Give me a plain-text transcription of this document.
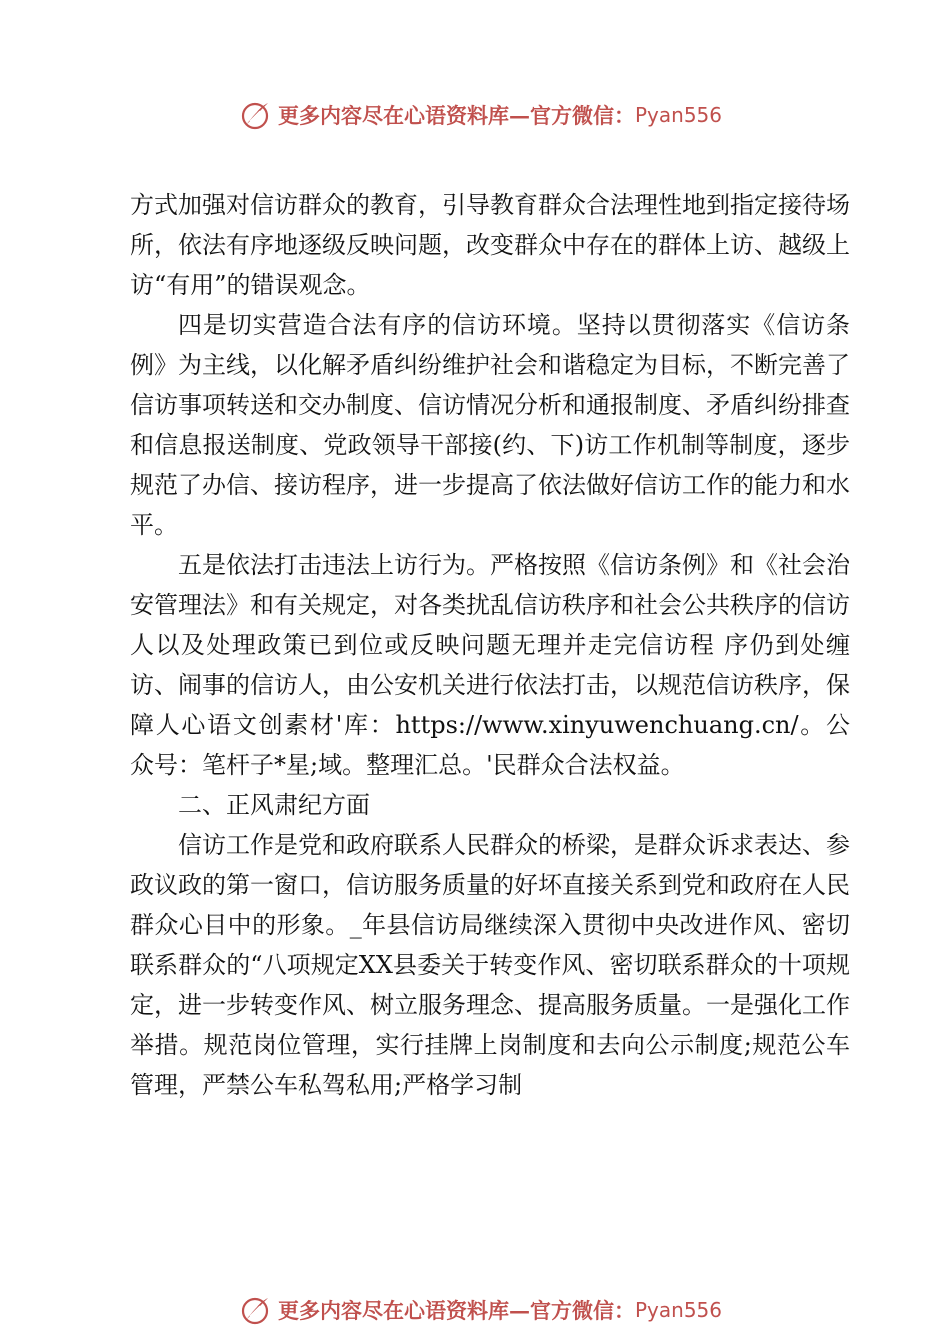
更多内容尽在心语资料库—官方微信： Pyan556

方式加强对信访群众的教育，引导教育群众合法理性地到指定接待场所，依法有序地逐级反映问题，改变群众中存在的群体上访、越级上访“有用”的错误观念。

四是切实营造合法有序的信访环境。坚持以贯彻落实《信访条例》为主线，以化解矛盾纠纷维护社会和谐稳定为目标，不断完善了信访事项转送和交办制度、信访情况分析和通报制度、矛盾纠纷排查和信息报送制度、党政领导干部接(约、下)访工作机制等制度，逐步规范了办信、接访程序，进一步提高了依法做好信访工作的能力和水平。

五是依法打击违法上访行为。严格按照《信访条例》和《社会治安管理法》和有关规定，对各类扰乱信访秩序和社会公共秩序的信访人以及处理政策已到位或反映问题无理并走完信访程 序仍到处缠访、闹事的信访人，由公安机关进行依法打击，以规范信访秩序，保障人心语文创素材'库：https://www.xinyuwenchuang.cn/。公众号：笔杆子*星;域。整理汇总。'民群众合法权益。

二、正风肃纪方面

信访工作是党和政府联系人民群众的桥梁，是群众诉求表达、参政议政的第一窗口，信访服务质量的好坏直接关系到党和政府在人民群众心目中的形象。_年县信访局继续深入贯彻中央改进作风、密切联系群众的“八项规定XX县委关于转变作风、密切联系群众的十项规定，进一步转变作风、树立服务理念、提高服务质量。一是强化工作举措。规范岗位管理，实行挂牌上岗制度和去向公示制度;规范公车管理，严禁公车私驾私用;严格学习制

更多内容尽在心语资料库—官方微信： Pyan556
